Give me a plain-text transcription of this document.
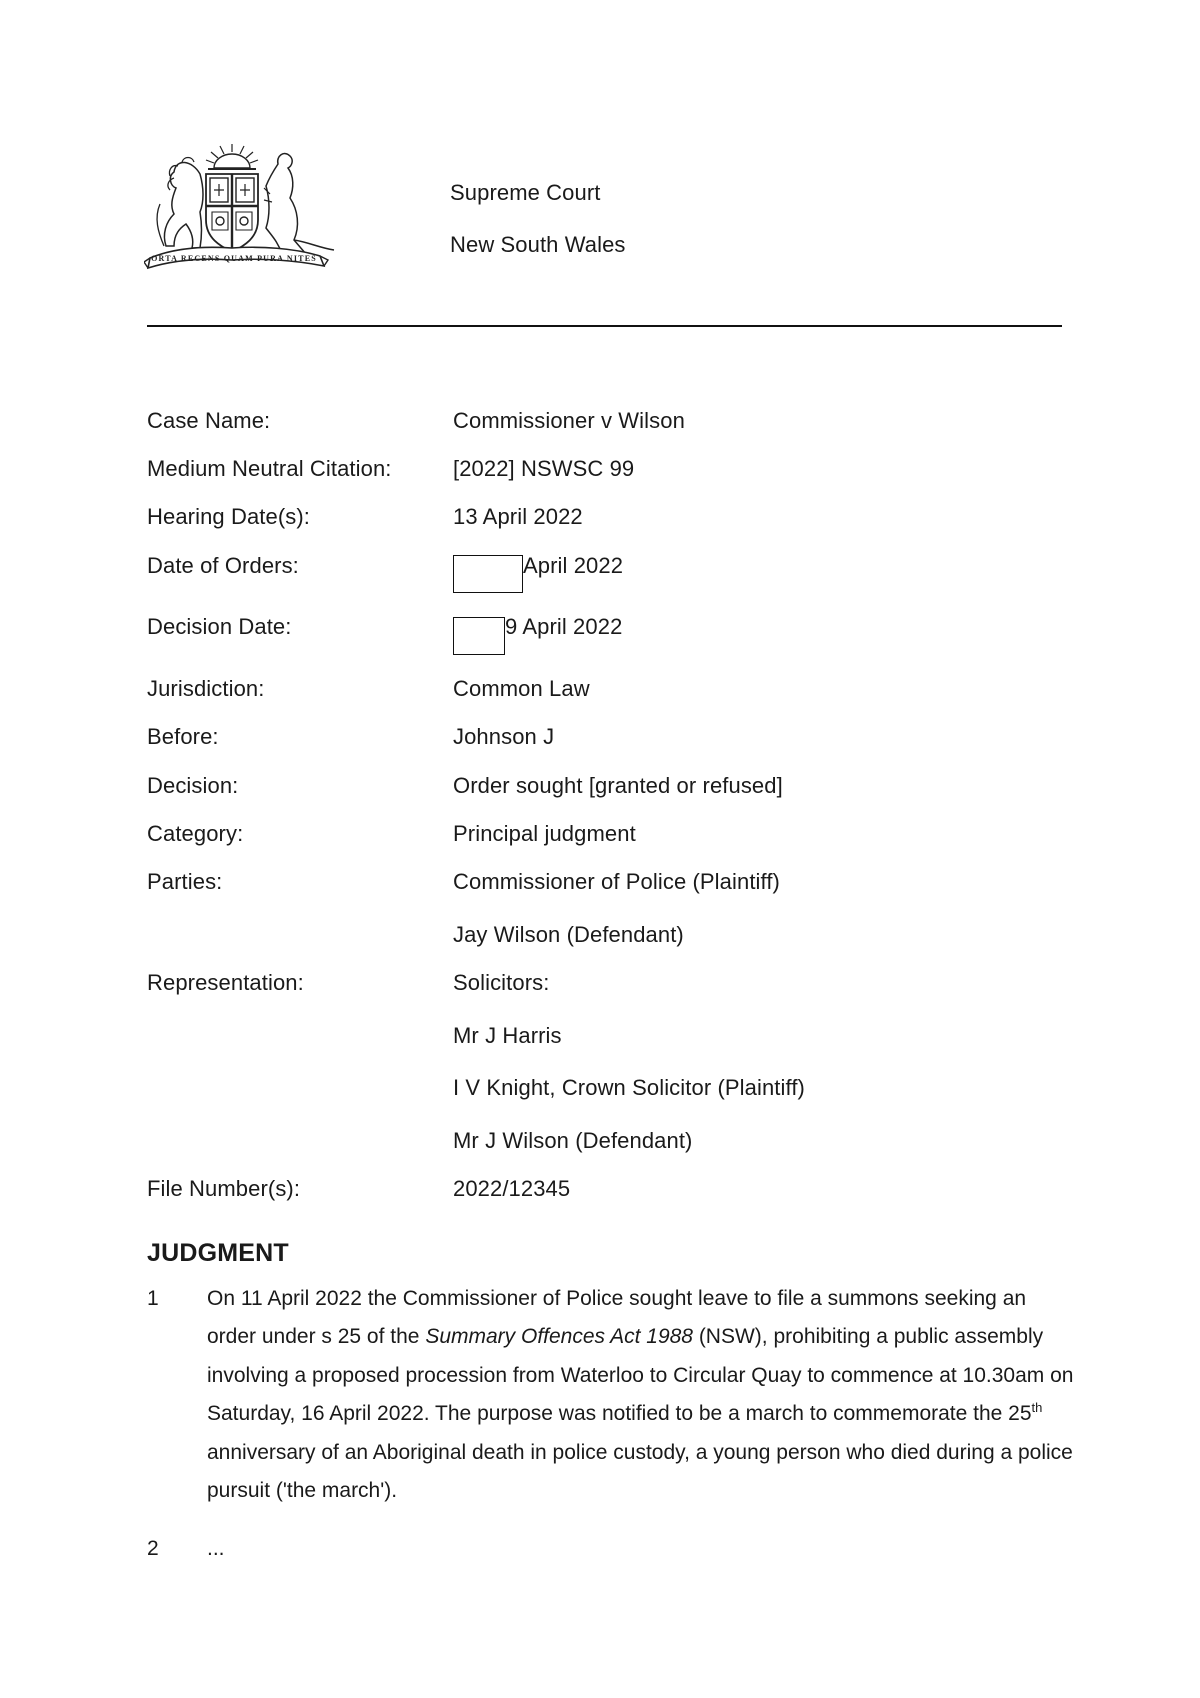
ORTA RECENS QUAM PURA NITES
Supreme Court
New South Wales
Case Name:	Commissioner v Wilson
Medium Neutral Citation:	[2022] NSWSC 99
Hearing Date(s):	13 April 2022
Date of Orders:	April 2022
Decision Date:	9 April 2022
Jurisdiction:	Common Law
Before:	Johnson J
Decision:	Order sought [granted or refused]
Category:	Principal judgment
Parties:	Commissioner of Police (Plaintiff)
Jay Wilson (Defendant)
Representation:	Solicitors:
Mr J Harris
I V Knight, Crown Solicitor (Plaintiff)
Mr J Wilson (Defendant)
File Number(s):	2022/12345
JUDGMENT
1 On 11 April 2022 the Commissioner of Police sought leave to file a summons seeking an order under s 25 of the Summary Offences Act 1988 (NSW), prohibiting a public assembly involving a proposed procession from Waterloo to Circular Quay to commence at 10.30am on Saturday, 16 April 2022. The purpose was notified to be a march to commemorate the 25th anniversary of an Aboriginal death in police custody, a young person who died during a police pursuit ('the march').
2 ...
